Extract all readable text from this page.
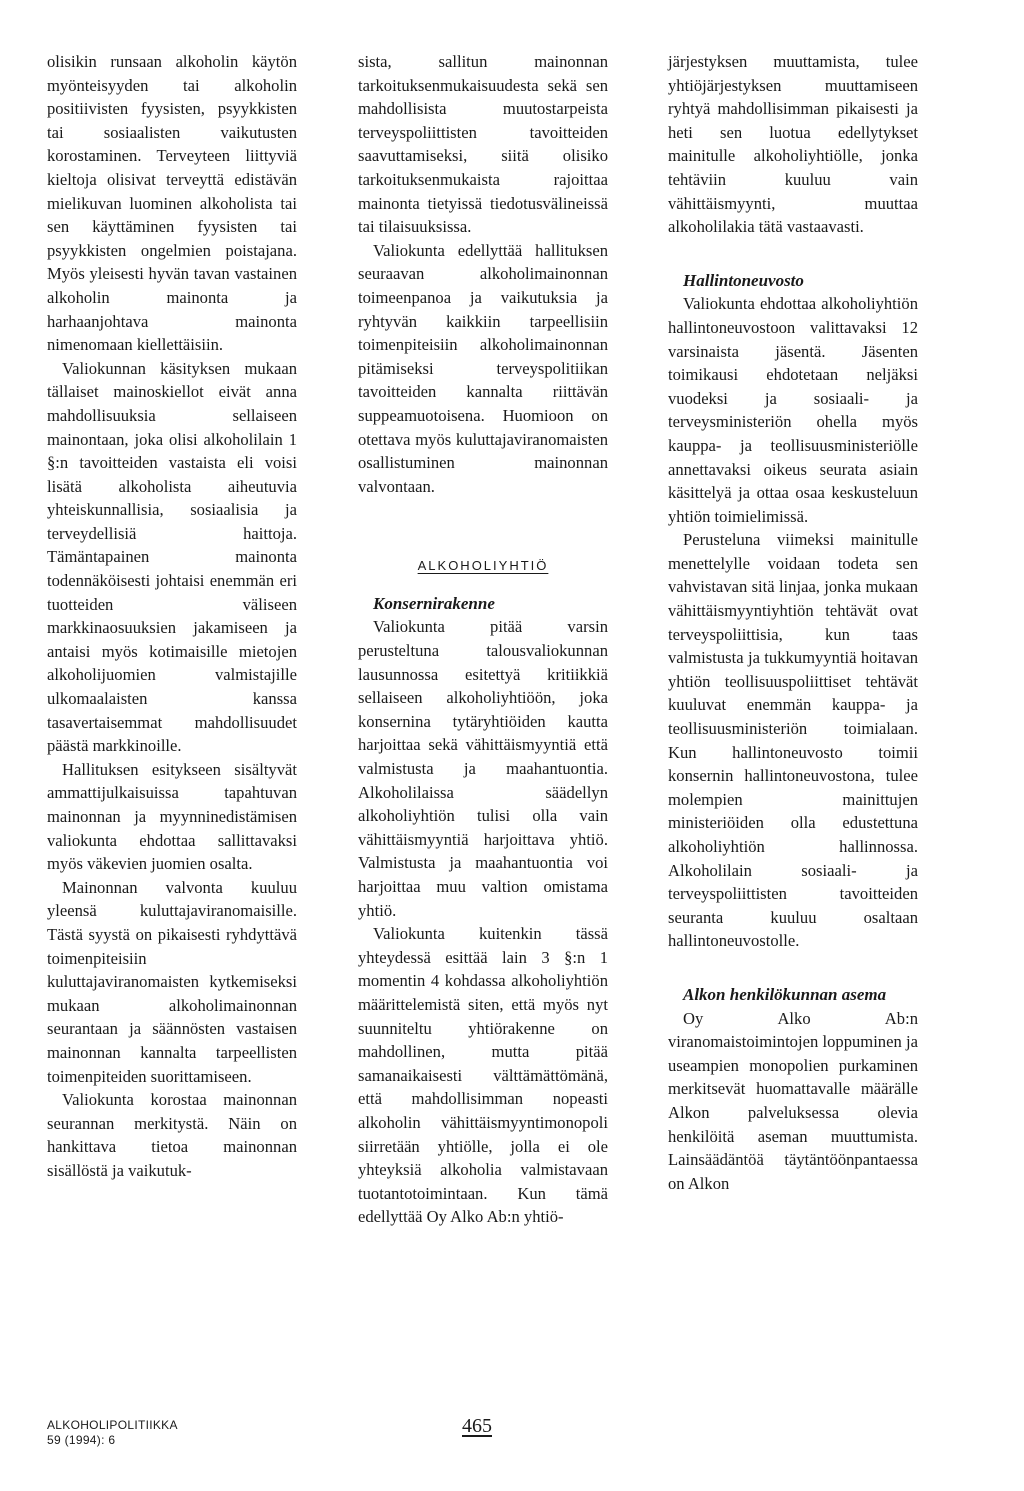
olisikin runsaan alkoholin käytön myönteisyyden tai alkoholin positiivisten fyysisten, psyykkisten tai sosiaalisten vaikutusten korostaminen. Terveyteen liittyviä kieltoja olisivat terveyttä edistävän mielikuvan luominen alkoholista tai sen käyttäminen fyysisten tai psyykkisten ongelmien poistajana. Myös yleisesti hyvän tavan vastainen alkoholin mainonta ja harhaanjohtava mainonta nimenomaan kiellettäisiin.

Valiokunnan käsityksen mukaan tällaiset mainoskiellot eivät anna mahdollisuuksia sellaiseen mainontaan, joka olisi alkoholilain 1 §:n tavoitteiden vastaista eli voisi lisätä alkoholista aiheutuvia yhteiskunnallisia, sosiaalisia ja terveydellisiä haittoja. Tämäntapainen mainonta todennäköisesti johtaisi enemmän eri tuotteiden väliseen markkinaosuuksien jakamiseen ja antaisi myös kotimaisille mietojen alkoholijuomien valmistajille ulkomaalaisten kanssa tasavertaisemmat mahdollisuudet päästä markkinoille.

Hallituksen esitykseen sisältyvät ammattijulkaisuissa tapahtuvan mainonnan ja myynninedistämisen valiokunta ehdottaa sallittavaksi myös väkevien juomien osalta.

Mainonnan valvonta kuuluu yleensä kuluttajaviranomaisille. Tästä syystä on pikaisesti ryhdyttävä toimenpiteisiin kuluttajaviranomaisten kytkemiseksi mukaan alkoholimainonnan seurantaan ja säännösten vastaisen mainonnan kannalta tarpeellisten toimenpiteiden suorittamiseen.

Valiokunta korostaa mainonnan seurannan merkitystä. Näin on hankittava tietoa mainonnan sisällöstä ja vaikutuk-

sista, sallitun mainonnan tarkoituksenmukaisuudesta sekä sen mahdollisista muutostarpeista terveyspoliittisten tavoitteiden saavuttamiseksi, siitä olisiko tarkoituksenmukaista rajoittaa mainonta tietyissä tiedotusvälineissä tai tilaisuuksissa.

Valiokunta edellyttää hallituksen seuraavan alkoholimainonnan toimeenpanoa ja vaikutuksia ja ryhtyvän kaikkiin tarpeellisiin toimenpiteisiin alkoholimainonnan pitämiseksi terveyspolitiikan tavoitteiden kannalta riittävän suppeamuotoisena. Huomioon on otettava myös kuluttajaviranomaisten osallistuminen mainonnan valvontaan.

ALKOHOLIYHTIÖ

Konsernirakenne

Valiokunta pitää varsin perusteltuna talousvaliokunnan lausunnossa esitettyä kritiikkiä sellaiseen alkoholiyhtiöön, joka konsernina tytäryhtiöiden kautta harjoittaa sekä vähittäismyyntiä että valmistusta ja maahantuontia. Alkoholilaissa säädellyn alkoholiyhtiön tulisi olla vain vähittäismyyntiä harjoittava yhtiö. Valmistusta ja maahantuontia voi harjoittaa muu valtion omistama yhtiö.

Valiokunta kuitenkin tässä yhteydessä esittää lain 3 §:n 1 momentin 4 kohdassa alkoholiyhtiön määrittelemistä siten, että myös nyt suunniteltu yhtiörakenne on mahdollinen, mutta pitää samanaikaisesti välttämättömänä, että mahdollisimman nopeasti alkoholin vähittäismyyntimonopoli siirretään yhtiölle, jolla ei ole yhteyksiä alkoholia valmistavaan tuotantotoimintaan. Kun tämä edellyttää Oy Alko Ab:n yhtiö-

järjestyksen muuttamista, tulee yhtiöjärjestyksen muuttamiseen ryhtyä mahdollisimman pikaisesti ja heti sen luotua edellytykset mainitulle alkoholiyhtiölle, jonka tehtäviin kuuluu vain vähittäismyynti, muuttaa alkoholilakia tätä vastaavasti.

Hallintoneuvosto

Valiokunta ehdottaa alkoholiyhtiön hallintoneuvostoon valittavaksi 12 varsinaista jäsentä. Jäsenten toimikausi ehdotetaan neljäksi vuodeksi ja sosiaali- ja terveysministeriön ohella myös kauppa- ja teollisuusministeriölle annettavaksi oikeus seurata asiain käsittelyä ja ottaa osaa keskusteluun yhtiön toimielimissä.

Perusteluna viimeksi mainitulle menettelylle voidaan todeta sen vahvistavan sitä linjaa, jonka mukaan vähittäismyyntiyhtiön tehtävät ovat terveyspoliittisia, kun taas valmistusta ja tukkumyyntiä hoitavan yhtiön teollisuuspoliittiset tehtävät kuuluvat enemmän kauppa- ja teollisuusministeriön toimialaan. Kun hallintoneuvosto toimii konsernin hallintoneuvostona, tulee molempien mainittujen ministeriöiden olla edustettuna alkoholiyhtiön hallinnossa. Alkoholilain sosiaali- ja terveyspoliittisten tavoitteiden seuranta kuuluu osaltaan hallintoneuvostolle.

Alkon henkilökunnan asema

Oy Alko Ab:n viranomaistoimintojen loppuminen ja useampien monopolien purkaminen merkitsevät huomattavalle määrälle Alkon palveluksessa olevia henkilöitä aseman muuttumista. Lainsäädäntöä täytäntöönpantaessa on Alkon

ALKOHOLIPOLITIIKKA
59 (1994): 6
465
